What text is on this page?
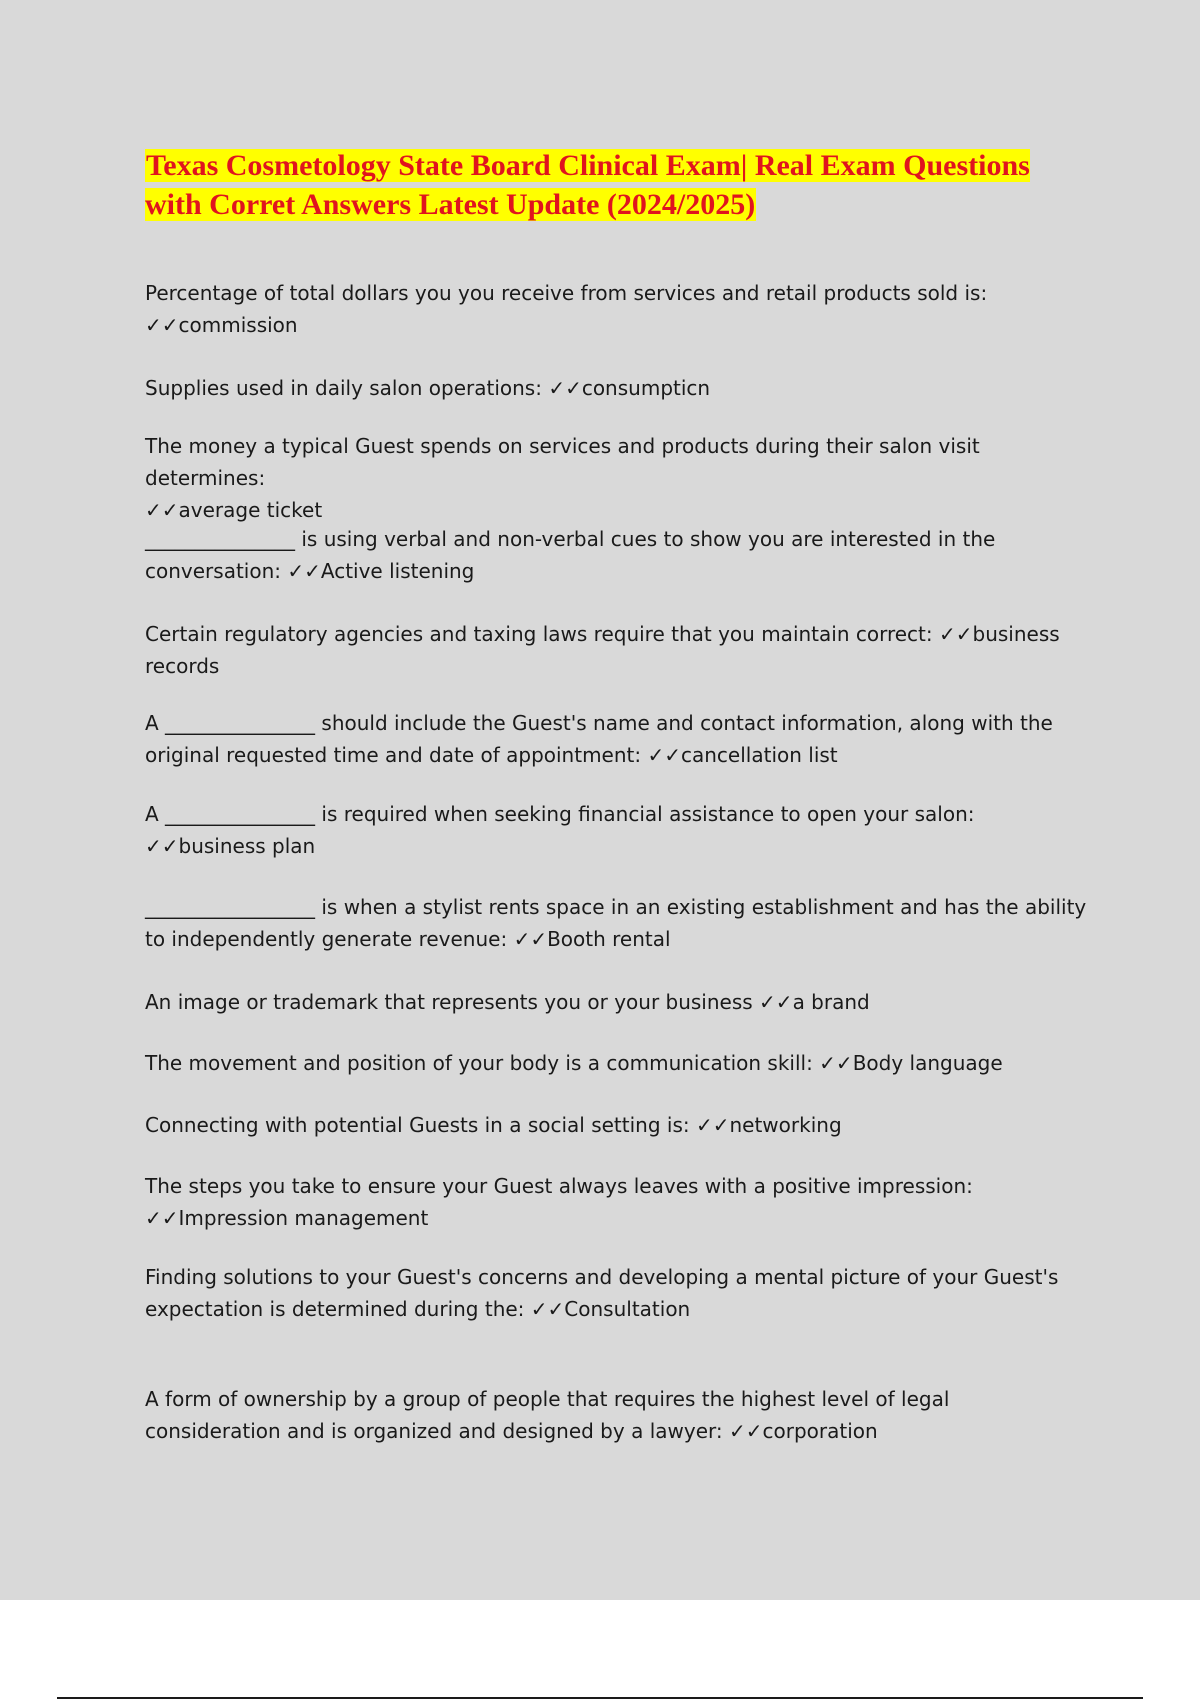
Texas Cosmetology State Board Clinical Exam| Real Exam Questions with Corret Answers Latest Update (2024/2025)

Percentage of total dollars you you receive from services and retail products sold is:
✓✓commission

Supplies used in daily salon operations: ✓✓consumpticn

The money a typical Guest spends on services and products during their salon visit determines:
✓✓average ticket

_______________ is using verbal and non-verbal cues to show you are interested in the conversation: ✓✓Active listening

Certain regulatory agencies and taxing laws require that you maintain correct: ✓✓business records

A _______________ should include the Guest's name and contact information, along with the original requested time and date of appointment: ✓✓cancellation list

A _______________ is required when seeking financial assistance to open your salon:
✓✓business plan

_________________ is when a stylist rents space in an existing establishment and has the ability to independently generate revenue: ✓✓Booth rental

An image or trademark that represents you or your business ✓✓a brand

The movement and position of your body is a communication skill: ✓✓Body language

Connecting with potential Guests in a social setting is: ✓✓networking

The steps you take to ensure your Guest always leaves with a positive impression:
✓✓Impression management

Finding solutions to your Guest's concerns and developing a mental picture of your Guest's expectation is determined during the: ✓✓Consultation

A form of ownership by a group of people that requires the highest level of legal consideration and is organized and designed by a lawyer: ✓✓corporation
